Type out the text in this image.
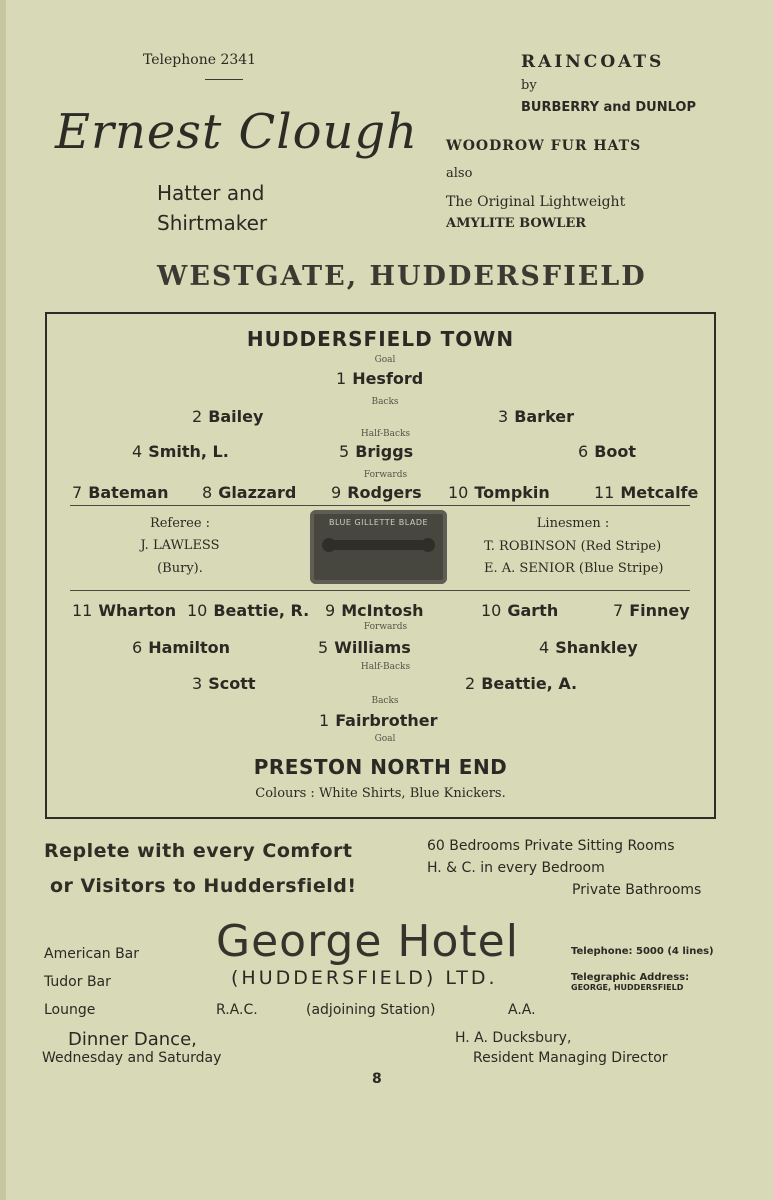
Telephone 2341
Ernest Clough
Hatter and
Shirtmaker
RAINCOATS
by
BURBERRY and DUNLOP
WOODROW FUR HATS
also
The Original Lightweight
AMYLITE BOWLER
WESTGATE, HUDDERSFIELD
HUDDERSFIELD TOWN
Goal
1 Hesford
Backs
2 Bailey	3 Barker
Half-Backs
4 Smith, L.	5 Briggs	6 Boot
Forwards
7 Bateman 8 Glazzard 9 Rodgers 10 Tompkin	11 Metcalfe
Referee :
J. LAWLESS
(Bury).
BLUE GILLETTE BLADE	Linesmen :
T. ROBINSON (Red Stripe)
E. A. SENIOR (Blue Stripe)
11 Wharton 10 Beattie, R. 9 McIntosh	10 Garth	7 Finney
Forwards
6 Hamilton	5 Williams	4 Shankley
Half-Backs
3 Scott	2 Beattie, A.
Backs
1 Fairbrother
Goal
PRESTON NORTH END
Colours : White Shirts, Blue Knickers.
Replete with every Comfort
or Visitors to Huddersfield!
60 Bedrooms Private Sitting Rooms
H. & C. in every Bedroom
Private Bathrooms
American Bar
Tudor Bar
Lounge
George Hotel
(HUDDERSFIELD) LTD.
Telephone: 5000 (4 lines)
Telegraphic Address:
GEORGE, HUDDERSFIELD
R.A.C.	(adjoining Station)	A.A.
Dinner Dance,
Wednesday and Saturday
H. A. Ducksbury,
Resident Managing Director
8
